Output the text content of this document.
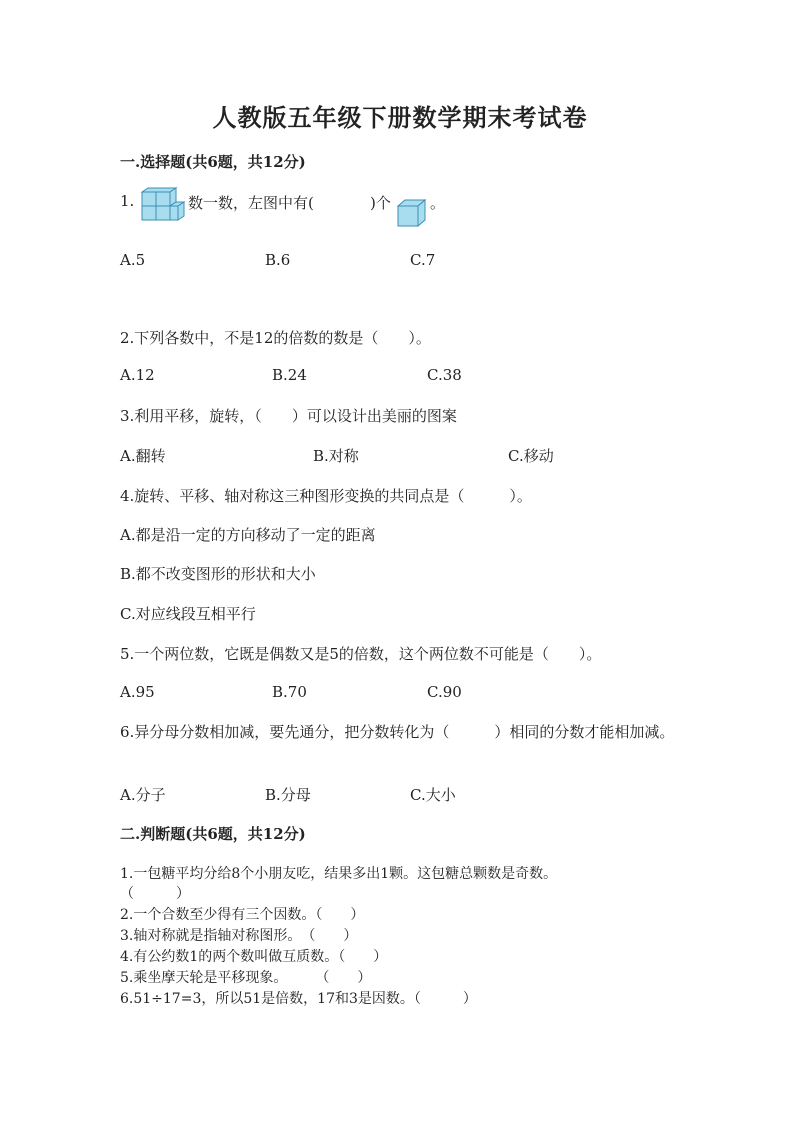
人教版五年级下册数学期末考试卷
一.选择题(共6题，共12分)
1.	数一数，左图中有(	)个	。
A.5	B.6	C.7
2.下列各数中，不是12的倍数的数是（　　）。
A.12	B.24	C.38
3.利用平移，旋转，（　　）可以设计出美丽的图案
A.翻转	B.对称	C.移动
4.旋转、平移、轴对称这三种图形变换的共同点是（　　　）。
A.都是沿一定的方向移动了一定的距离
B.都不改变图形的形状和大小
C.对应线段互相平行
5.一个两位数，它既是偶数又是5的倍数，这个两位数不可能是（　　）。
A.95	B.70	C.90
6.异分母分数相加减，要先通分，把分数转化为（　　　）相同的分数才能相加减。
A.分子	B.分母	C.大小
二.判断题(共6题，共12分)
1.一包糖平均分给8个小朋友吃，结果多出1颗。这包糖总颗数是奇数。
（　　　）
2.一个合数至少得有三个因数。（　　）
3.轴对称就是指轴对称图形。　（　　）
4.有公约数1的两个数叫做互质数。（　　）
5.乘坐摩天轮是平移现象。　　　（　　）
6.51÷17=3，所以51是倍数，17和3是因数。（　　　）
